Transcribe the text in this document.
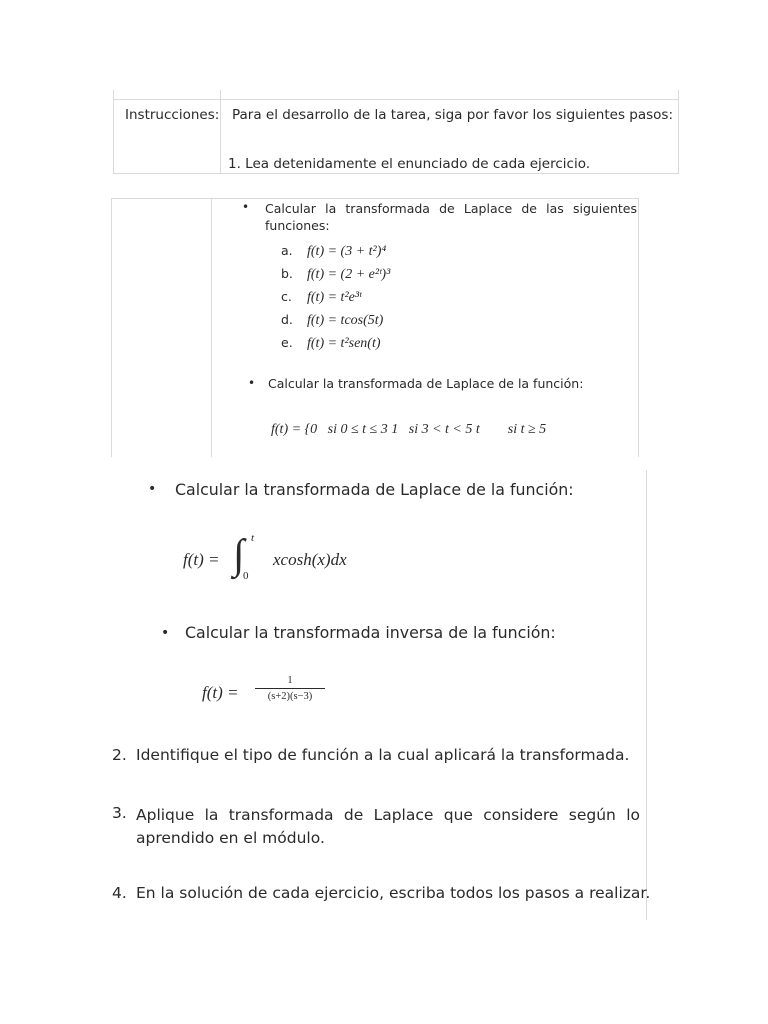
Instrucciones: Para el desarrollo de la tarea, siga por favor los siguientes pasos:
1. Lea detenidamente el enunciado de cada ejercicio.
• Calcular la transformada de Laplace de las siguientes funciones:
a. f(t) = (3 + t²)⁴
b. f(t) = (2 + e²ᵗ)³
c. f(t) = t²e³ᵗ
d. f(t) = tcos(5t)
e. f(t) = t²sen(t)
• Calcular la transformada de Laplace de la función:
f(t) = {0   si 0 ≤ t ≤ 3 1   si 3 < t < 5 t        si t ≥ 5
• Calcular la transformada de Laplace de la función:
f(t) = ∫ t
0
xcosh(x)dx
• Calcular la transformada inversa de la función:
f(t) =
1
(s+2)(s−3)
2. Identifique el tipo de función a la cual aplicará la transformada.
3. Aplique la transformada de Laplace que considere según lo aprendido en el módulo.
4. En la solución de cada ejercicio, escriba todos los pasos a realizar.
